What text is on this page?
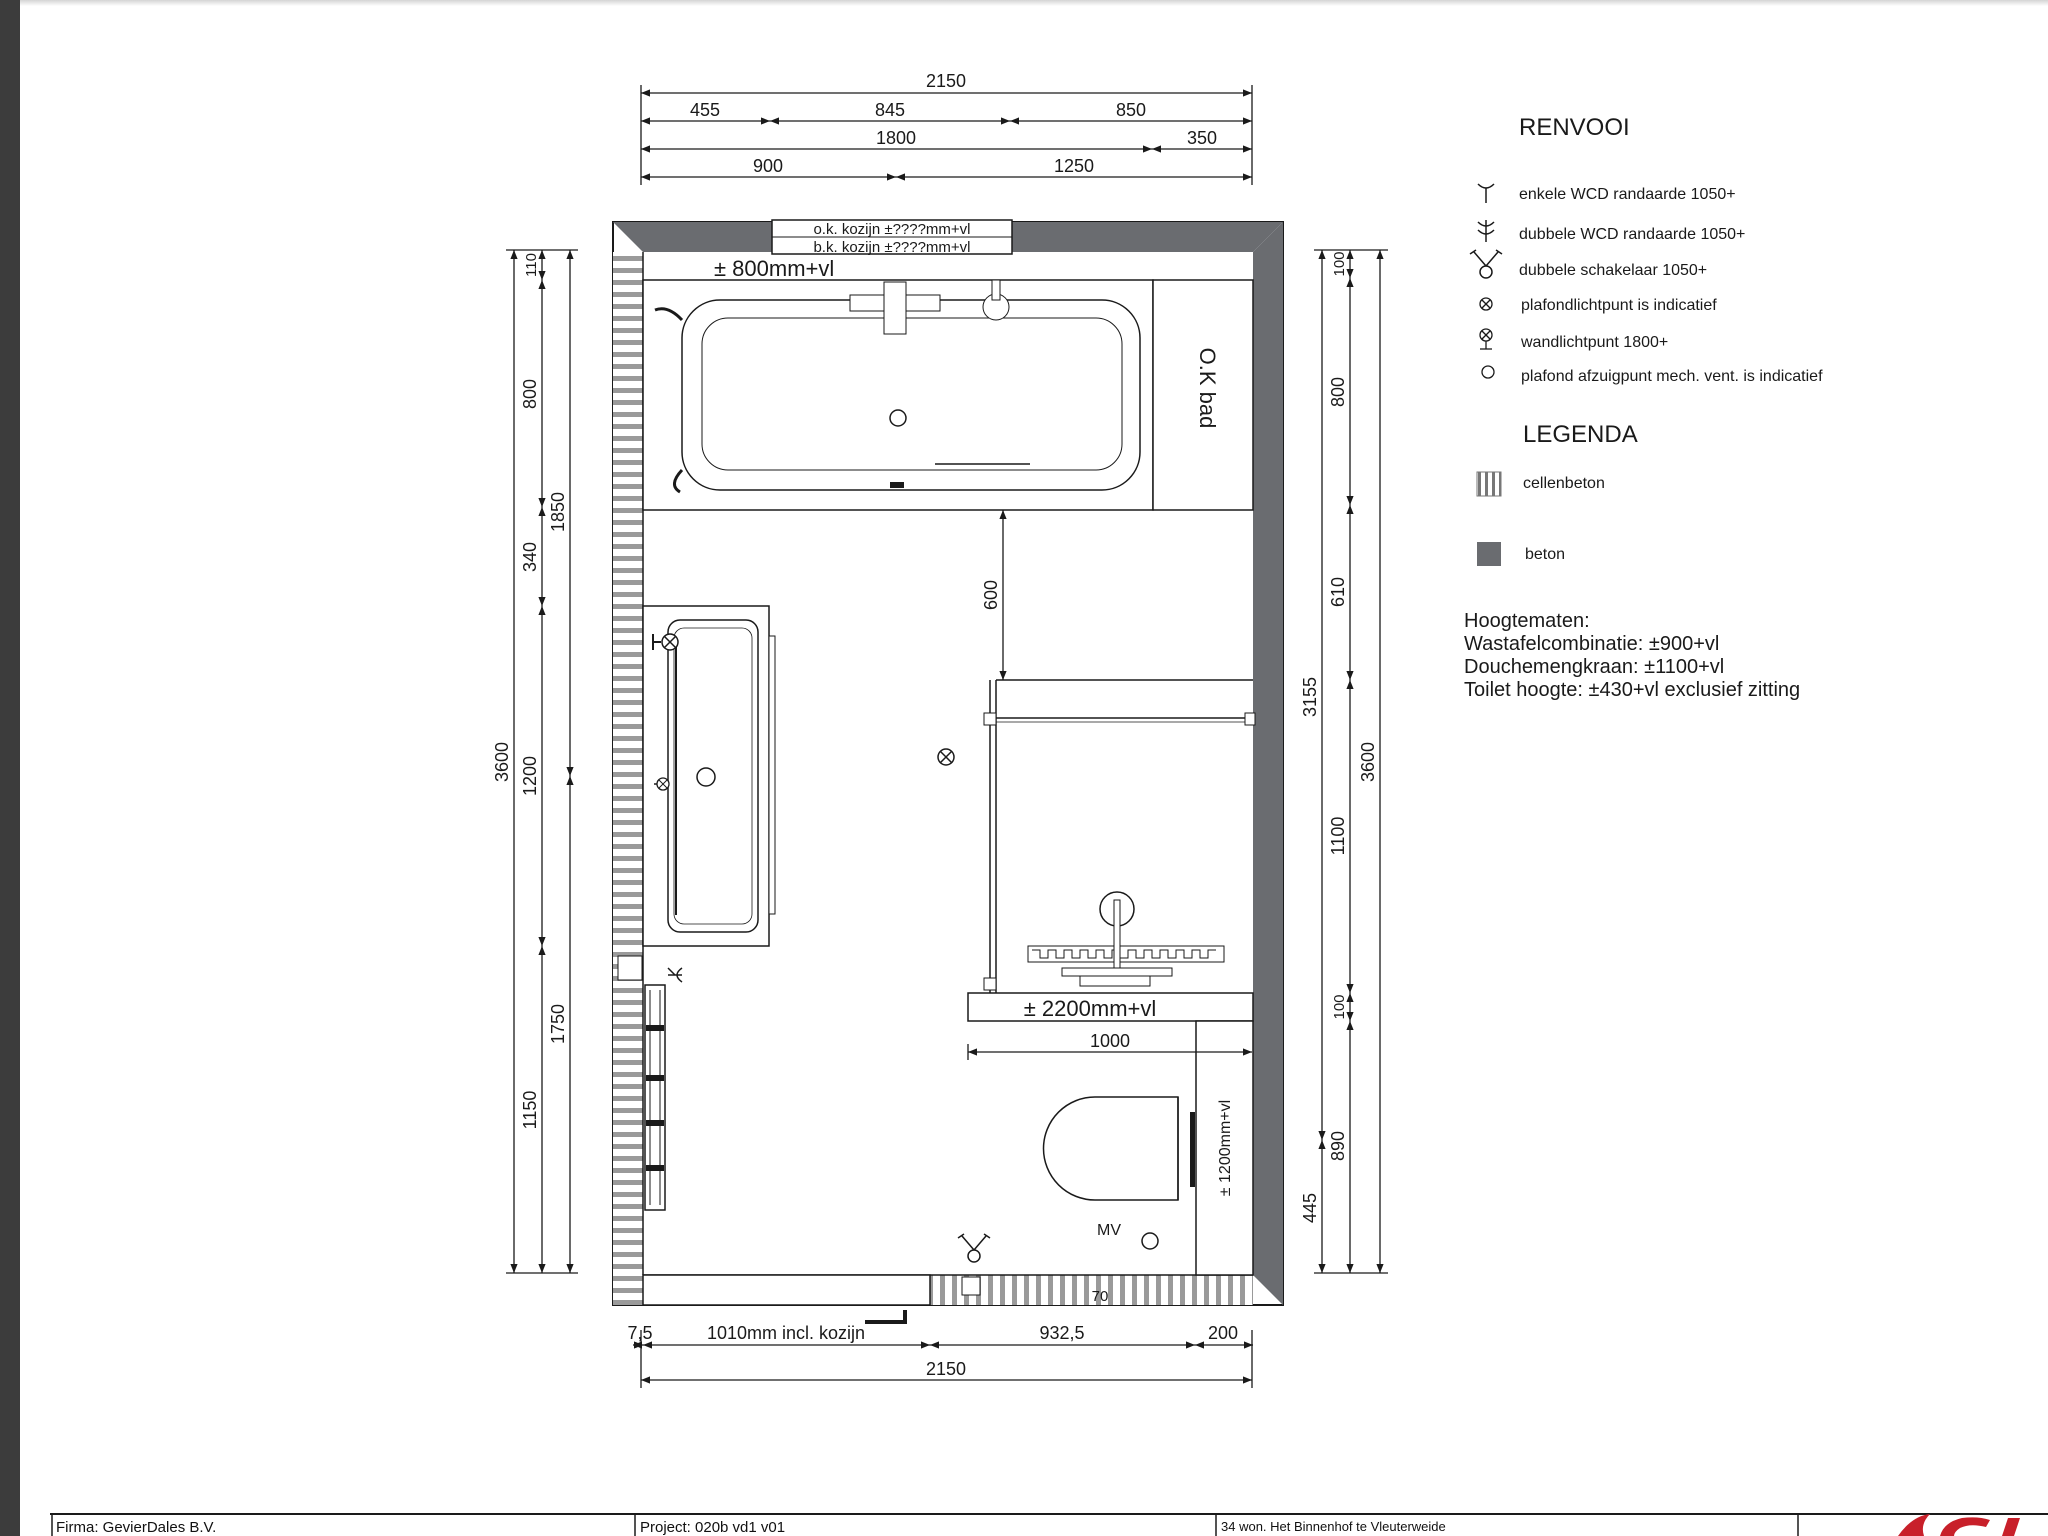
2150
455	845	850
1800	350
900	1250
7,5	1010mm incl. kozijn	932,5	200
2150
70
1000
600
3600
110
800
340
1200
1150
1850
1750
3155
445
100
800
610
1100
100
890
3600
o.k. kozijn ±????mm+vl
b.k. kozijn ±????mm+vl
± 800mm+vl
O.K bad
± 2200mm+vl
± 1200mm+vl
MV
RENVOOI
enkele WCD randaarde 1050+
dubbele WCD randaarde 1050+
dubbele schakelaar 1050+
plafondlichtpunt is indicatief
wandlichtpunt 1800+
plafond afzuigpunt mech. vent. is indicatief
LEGENDA
cellenbeton
beton
Hoogtematen:
Wastafelcombinatie: ±900+vl
Douchemengkraan: ±1100+vl
Toilet hoogte: ±430+vl exclusief zitting
Firma: GevierDales B.V.	Project: 020b vd1 v01	34 won. Het Binnenhof te Vleuterweide
